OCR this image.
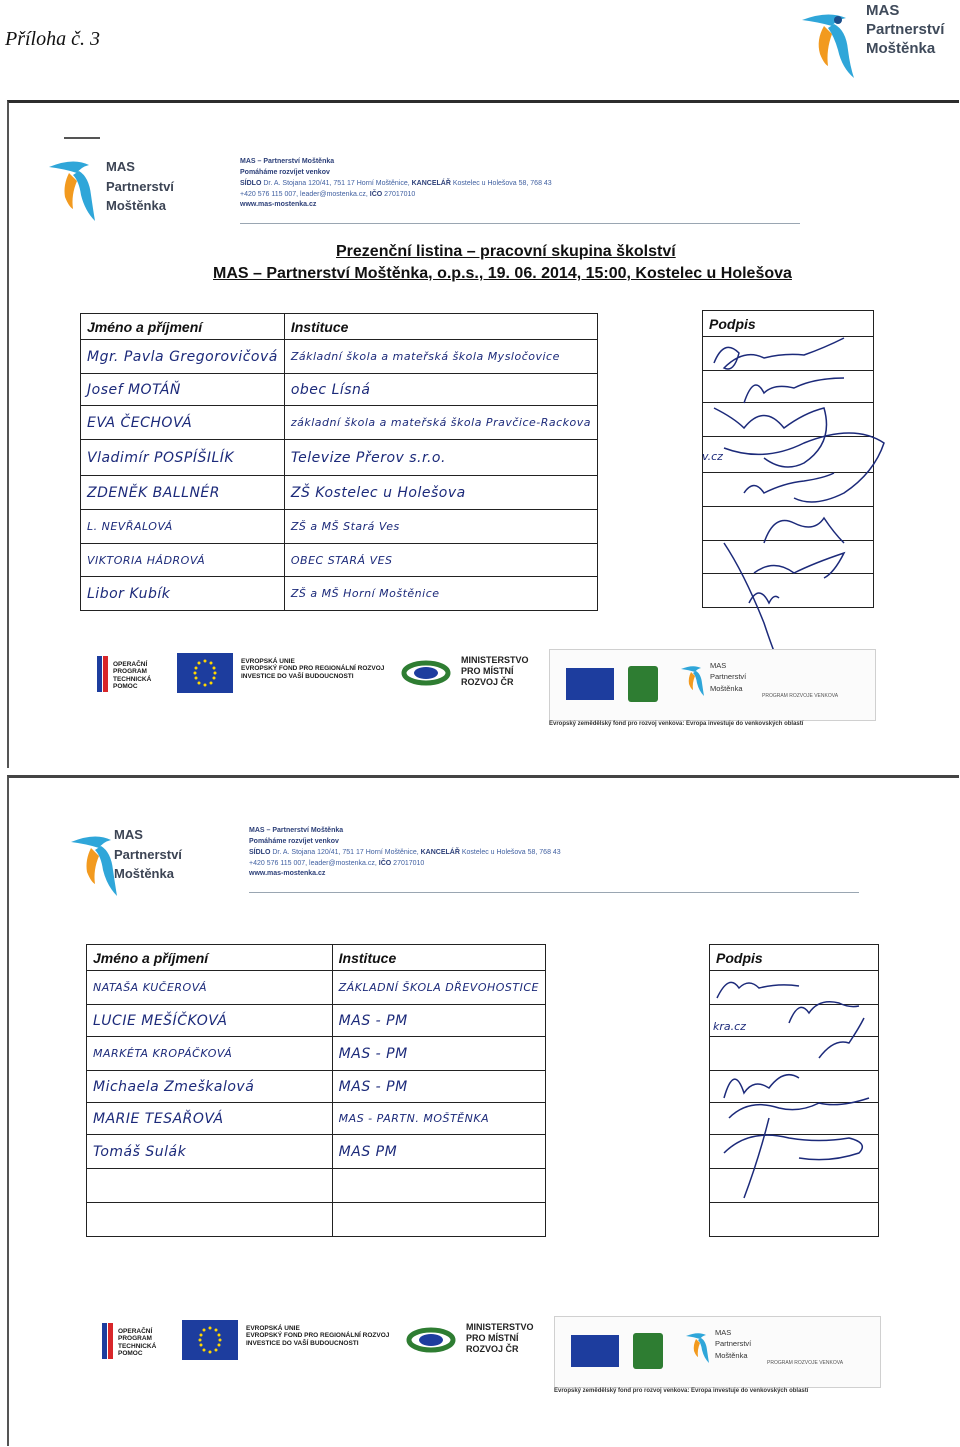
Příloha č. 3
MAS
Partnerství
Moštěnka
MAS
Partnerství
Moštěnka
MAS – Partnerství Moštěnka
Pomáháme rozvíjet venkov
SÍDLO Dr. A. Stojana 120/41, 751 17 Horní Moštěnice, KANCELÁŘ Kostelec u Holešova 58, 768 43
+420 576 115 007, leader@mostenka.cz, IČO 27017010
www.mas-mostenka.cz
Prezenční listina – pracovní skupina školství
MAS – Partnerství Moštěnka, o.p.s., 19. 06. 2014, 15:00, Kostelec u Holešova
Jméno a příjmení	Instituce
Mgr. Pavla Gregorovičová	Základní škola a mateřská škola Mysločovice
Josef MOTÁŇ	obec Lísná
EVA ČECHOVÁ	základní škola a mateřská škola Pravčice-Rackova
Vladimír POSPÍŠILÍK	Televize Přerov s.r.o.
ZDENĚK BALLNÉR	ZŠ Kostelec u Holešova
L. NEVŘALOVÁ	ZŠ a MŠ Stará Ves
VIKTORIA HÁDROVÁ	OBEC STARÁ VES
Libor Kubík	ZŠ a MŠ Horní Moštěnice
Podpis

v.cz
OPERAČNÍ PROGRAM TECHNICKÁ POMOC
EVROPSKÁ UNIE
EVROPSKÝ FOND PRO REGIONÁLNÍ ROZVOJ
INVESTICE DO VAŠÍ BUDOUCNOSTI
MINISTERSTVO PRO MÍSTNÍ ROZVOJ ČR
MAS
Partnerství
Moštěnka
PROGRAM ROZVOJE VENKOVA
Evropský zemědělský fond pro rozvoj venkova: Evropa investuje do venkovských oblastí
MAS
Partnerství
Moštěnka
MAS – Partnerství Moštěnka
Pomáháme rozvíjet venkov
SÍDLO Dr. A. Stojana 120/41, 751 17 Horní Moštěnice, KANCELÁŘ Kostelec u Holešova 58, 768 43
+420 576 115 007, leader@mostenka.cz, IČO 27017010
www.mas-mostenka.cz
Jméno a příjmení	Instituce
NATAŠA KUČEROVÁ	ZÁKLADNÍ ŠKOLA DŘEVOHOSTICE
LUCIE MEŠÍČKOVÁ	MAS - PM
MARKÉTA KROPÁČKOVÁ	MAS - PM
Michaela Zmeškalová	MAS - PM
MARIE TESAŘOVÁ	MAS - PARTN. MOŠTĚNKA
Tomáš Sulák	MAS PM

Podpis

kra.cz
OPERAČNÍ PROGRAM TECHNICKÁ POMOC
EVROPSKÁ UNIE
EVROPSKÝ FOND PRO REGIONÁLNÍ ROZVOJ
INVESTICE DO VAŠÍ BUDOUCNOSTI
MINISTERSTVO PRO MÍSTNÍ ROZVOJ ČR
MAS
Partnerství
Moštěnka
PROGRAM ROZVOJE VENKOVA
Evropský zemědělský fond pro rozvoj venkova: Evropa investuje do venkovských oblastí
